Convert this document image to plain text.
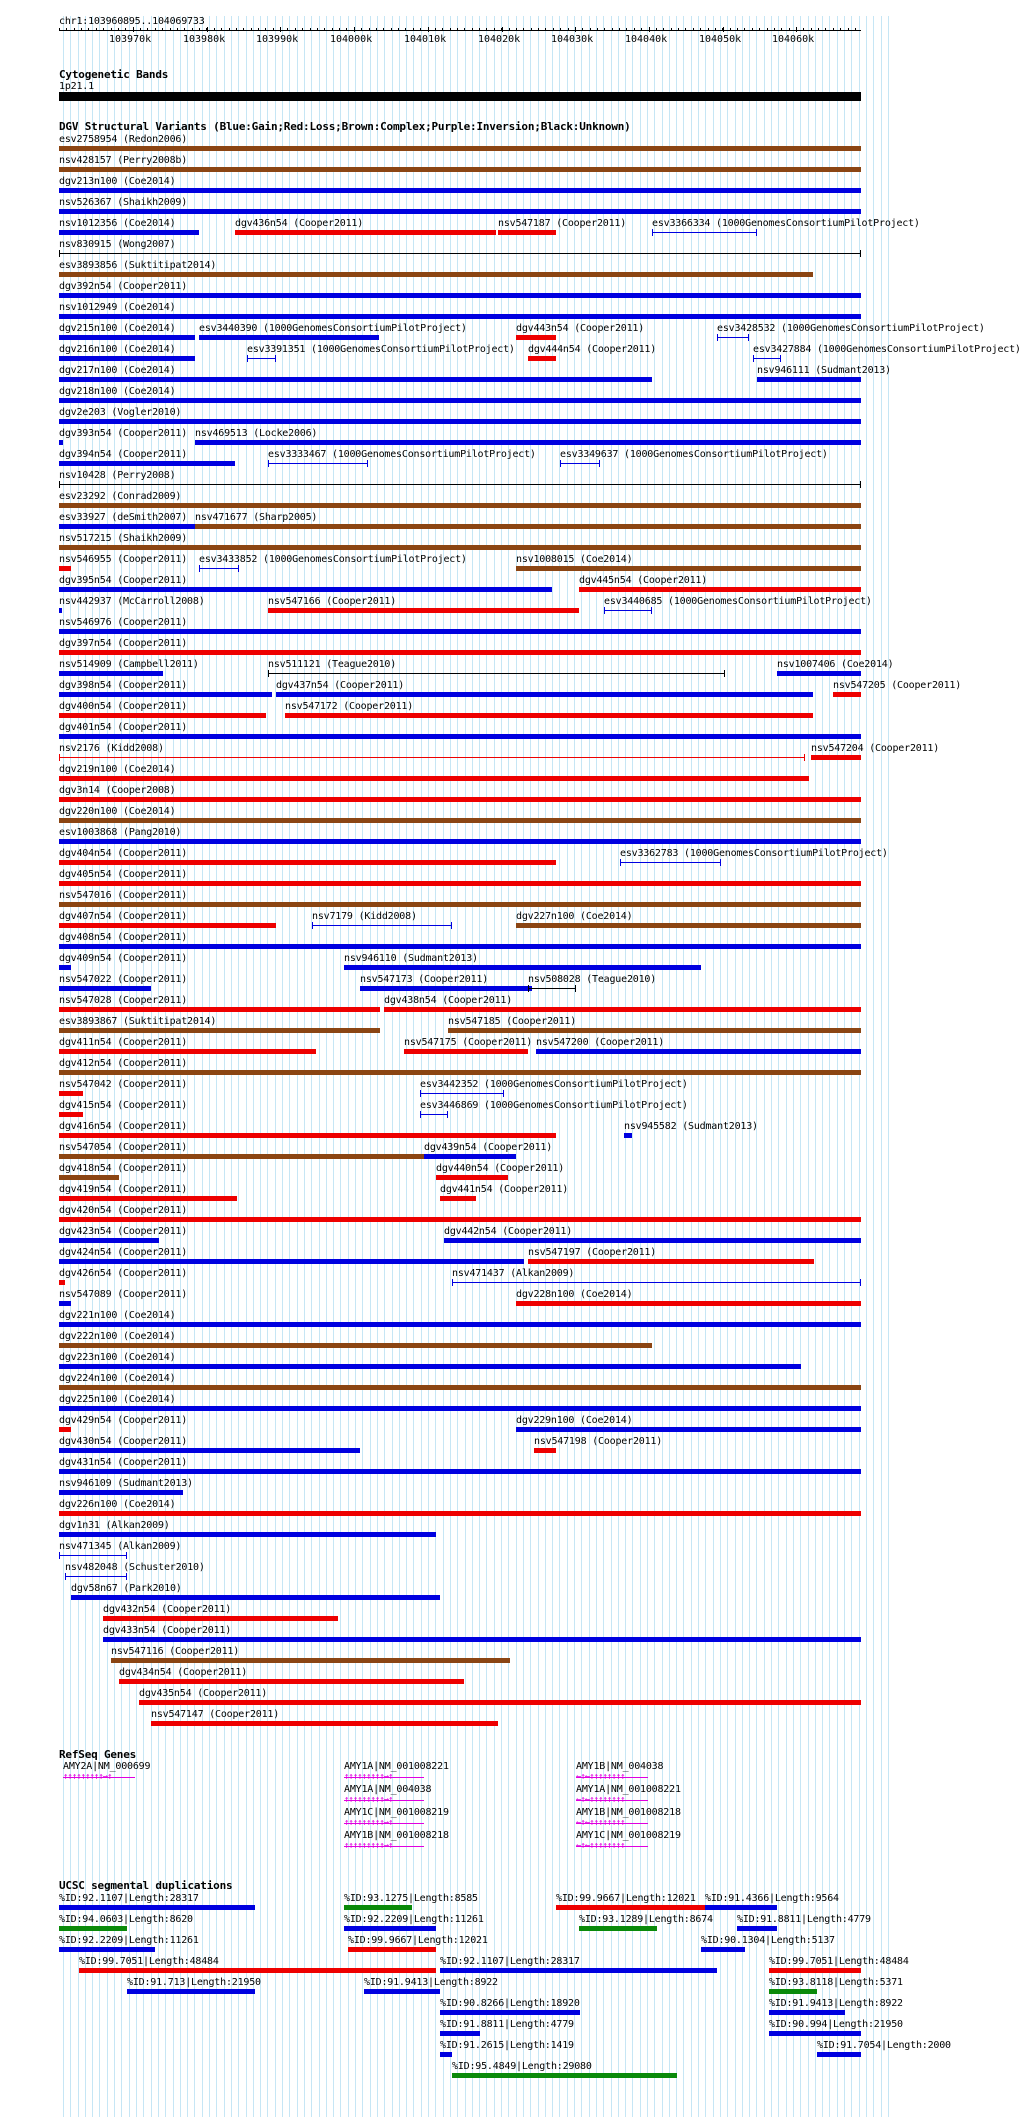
chr1:103960895..104069733
103970k	103980k	103990k	104000k	104010k	104020k	104030k	104040k	104050k	104060k
Cytogenetic Bands
1p21.1
DGV Structural Variants (Blue:Gain;Red:Loss;Brown:Complex;Purple:Inversion;Black:Unknown)
esv2758954 (Redon2006)
nsv428157 (Perry2008b)
dgv213n100 (Coe2014)
nsv526367 (Shaikh2009)
nsv1012356 (Coe2014)	dgv436n54 (Cooper2011)	nsv547187 (Cooper2011)	esv3366334 (1000GenomesConsortiumPilotProject)
nsv830915 (Wong2007)
esv3893856 (Suktitipat2014)
dgv392n54 (Cooper2011)
nsv1012949 (Coe2014)
dgv215n100 (Coe2014) esv3440390 (1000GenomesConsortiumPilotProject)	dgv443n54 (Cooper2011)	esv3428532 (1000GenomesConsortiumPilotProject)
dgv216n100 (Coe2014)	esv3391351 (1000GenomesConsortiumPilotProject) dgv444n54 (Cooper2011)	esv3427884 (1000GenomesConsortiumPilotProject)
dgv217n100 (Coe2014)	nsv946111 (Sudmant2013)
dgv218n100 (Coe2014)
dgv2e203 (Vogler2010)
dgv393n54 (Cooper2011) nsv469513 (Locke2006)
dgv394n54 (Cooper2011)	esv3333467 (1000GenomesConsortiumPilotProject) esv3349637 (1000GenomesConsortiumPilotProject)
nsv10428 (Perry2008)
esv23292 (Conrad2009)
esv33927 (deSmith2007) nsv471677 (Sharp2005)
nsv517215 (Shaikh2009)
nsv546955 (Cooper2011) esv3433852 (1000GenomesConsortiumPilotProject)	nsv1008015 (Coe2014)
dgv395n54 (Cooper2011)	dgv445n54 (Cooper2011)
nsv442937 (McCarroll2008)	nsv547166 (Cooper2011)	esv3440685 (1000GenomesConsortiumPilotProject)
nsv546976 (Cooper2011)
dgv397n54 (Cooper2011)
nsv514909 (Campbell2011)	nsv511121 (Teague2010)	nsv1007406 (Coe2014)
dgv398n54 (Cooper2011)	dgv437n54 (Cooper2011)	nsv547205 (Cooper2011)
dgv400n54 (Cooper2011)	nsv547172 (Cooper2011)
dgv401n54 (Cooper2011)
nsv2176 (Kidd2008)	nsv547204 (Cooper2011)
dgv219n100 (Coe2014)
dgv3n14 (Cooper2008)
dgv220n100 (Coe2014)
esv1003868 (Pang2010)
dgv404n54 (Cooper2011)	esv3362783 (1000GenomesConsortiumPilotProject)
dgv405n54 (Cooper2011)
nsv547016 (Cooper2011)
dgv407n54 (Cooper2011)	nsv7179 (Kidd2008)	dgv227n100 (Coe2014)
dgv408n54 (Cooper2011)
dgv409n54 (Cooper2011)	nsv946110 (Sudmant2013)
nsv547022 (Cooper2011)	nsv547173 (Cooper2011)	nsv508028 (Teague2010)
nsv547028 (Cooper2011)	dgv438n54 (Cooper2011)
esv3893867 (Suktitipat2014)	nsv547185 (Cooper2011)
dgv411n54 (Cooper2011)	nsv547175 (Cooper2011) nsv547200 (Cooper2011)
dgv412n54 (Cooper2011)
nsv547042 (Cooper2011)	esv3442352 (1000GenomesConsortiumPilotProject)
dgv415n54 (Cooper2011)	esv3446869 (1000GenomesConsortiumPilotProject)
dgv416n54 (Cooper2011)	nsv945582 (Sudmant2013)
nsv547054 (Cooper2011)	dgv439n54 (Cooper2011)
dgv418n54 (Cooper2011)	dgv440n54 (Cooper2011)
dgv419n54 (Cooper2011)	dgv441n54 (Cooper2011)
dgv420n54 (Cooper2011)
dgv423n54 (Cooper2011)	dgv442n54 (Cooper2011)
dgv424n54 (Cooper2011)	nsv547197 (Cooper2011)
dgv426n54 (Cooper2011)	nsv471437 (Alkan2009)
nsv547089 (Cooper2011)	dgv228n100 (Coe2014)
dgv221n100 (Coe2014)
dgv222n100 (Coe2014)
dgv223n100 (Coe2014)
dgv224n100 (Coe2014)
dgv225n100 (Coe2014)
dgv429n54 (Cooper2011)	dgv229n100 (Coe2014)
dgv430n54 (Cooper2011)	nsv547198 (Cooper2011)
dgv431n54 (Cooper2011)
nsv946109 (Sudmant2013)
dgv226n100 (Coe2014)
dgv1n31 (Alkan2009)
nsv471345 (Alkan2009)
nsv482048 (Schuster2010)
dgv58n67 (Park2010)
dgv432n54 (Cooper2011)
dgv433n54 (Cooper2011)
nsv547116 (Cooper2011)
dgv434n54 (Cooper2011)
dgv435n54 (Cooper2011)
nsv547147 (Cooper2011)
RefSeq Genes
AMY2A|NM_000699
↑↑↑↑↑↑↑↑↑→↑
AMY1A|NM_001008221
↑↑↑↑↑↑↑↑↑→↑
AMY1A|NM_004038
↑↑↑↑↑↑↑↑↑→↑
AMY1C|NM_001008219
↑↑↑↑↑↑↑↑↑→↑
AMY1B|NM_001008218
↑↑↑↑↑↑↑↑↑→↑
AMY1B|NM_004038
←↑←↑↑↑↑↑↑↑↑
AMY1A|NM_001008221
←↑←↑↑↑↑↑↑↑↑
AMY1B|NM_001008218
←↑←↑↑↑↑↑↑↑↑
AMY1C|NM_001008219
←↑←↑↑↑↑↑↑↑↑
UCSC segmental duplications
%ID:92.1107|Length:28317	%ID:93.1275|Length:8585	%ID:99.9667|Length:12021 %ID:91.4366|Length:9564
%ID:94.0603|Length:8620	%ID:92.2209|Length:11261	%ID:93.1289|Length:8674 %ID:91.8811|Length:4779
%ID:92.2209|Length:11261	%ID:99.9667|Length:12021	%ID:90.1304|Length:5137
%ID:99.7051|Length:48484	%ID:92.1107|Length:28317	%ID:99.7051|Length:48484
%ID:91.713|Length:21950	%ID:91.9413|Length:8922	%ID:93.8118|Length:5371
%ID:90.8266|Length:18920	%ID:91.9413|Length:8922
%ID:91.8811|Length:4779	%ID:90.994|Length:21950
%ID:91.2615|Length:1419	%ID:91.7054|Length:2000
%ID:95.4849|Length:29080
